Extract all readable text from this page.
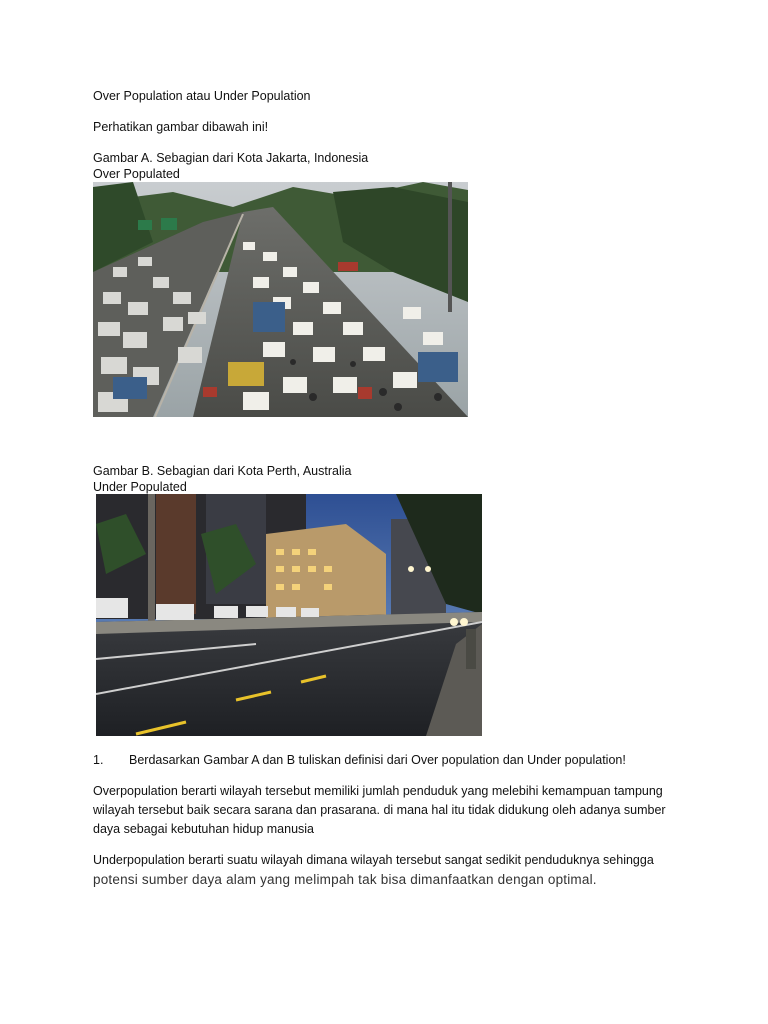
Over Population atau Under Population

Perhatikan gambar dibawah ini!

Gambar A. Sebagian dari Kota Jakarta, Indonesia

Over Populated

Gambar B. Sebagian dari Kota Perth, Australia

Under Populated

1. Berdasarkan Gambar A dan B tuliskan definisi dari Over population dan Under population!

Overpopulation berarti wilayah tersebut memiliki jumlah penduduk yang melebihi kemampuan tampung wilayah tersebut baik secara sarana dan prasarana. di mana hal itu tidak didukung oleh adanya sumber daya sebagai kebutuhan hidup manusia

Underpopulation berarti suatu wilayah dimana wilayah tersebut sangat sedikit penduduknya sehingga potensi sumber daya alam yang melimpah tak bisa dimanfaatkan dengan optimal.
